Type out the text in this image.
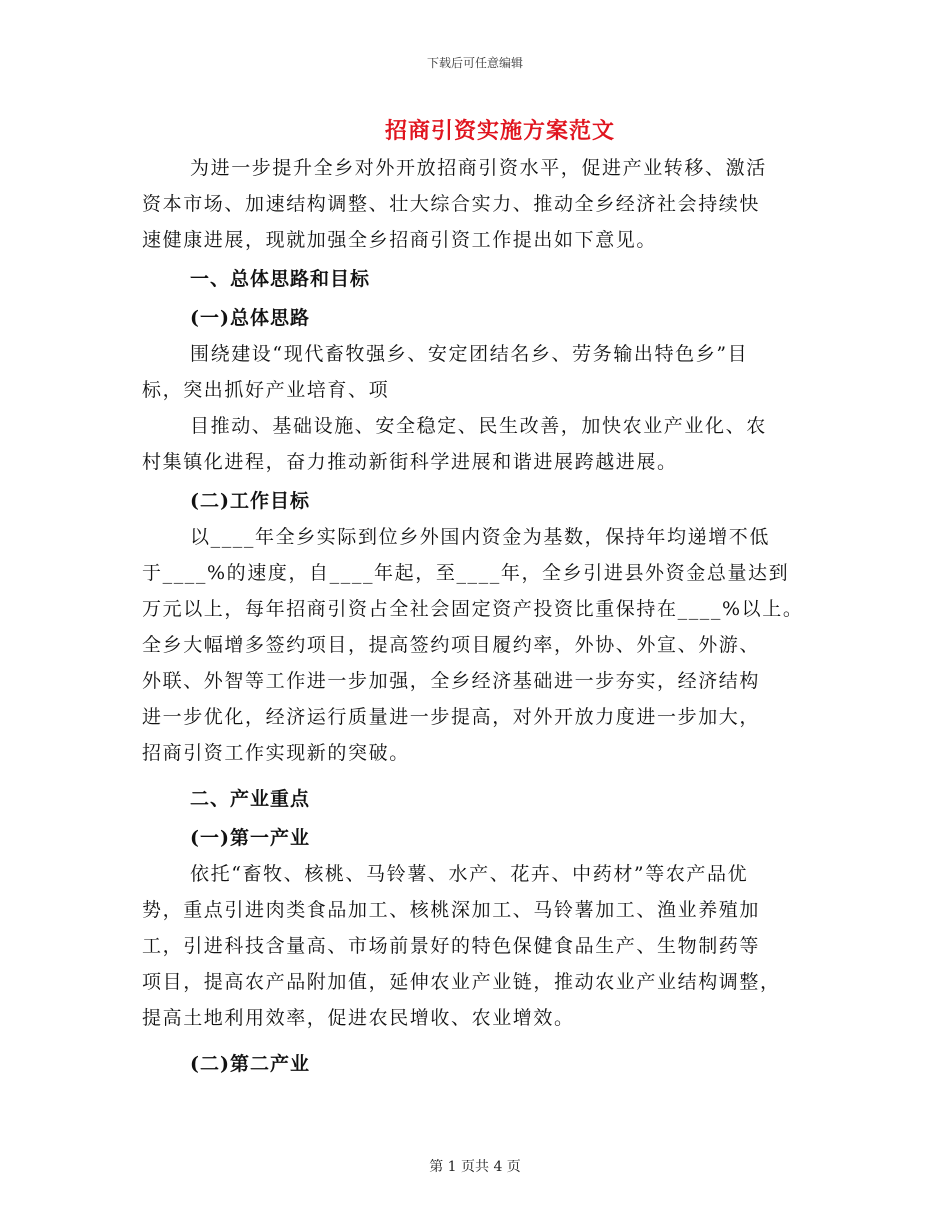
下载后可任意编辑
招商引资实施方案范文
为进一步提升全乡对外开放招商引资水平，促进产业转移、激活
资本市场、加速结构调整、壮大综合实力、推动全乡经济社会持续快
速健康进展，现就加强全乡招商引资工作提出如下意见。
一、总体思路和目标
(一)总体思路
围绕建设“现代畜牧强乡、安定团结名乡、劳务输出特色乡”目
标，突出抓好产业培育、项
目推动、基础设施、安全稳定、民生改善，加快农业产业化、农
村集镇化进程，奋力推动新街科学进展和谐进展跨越进展。
(二)工作目标
以____年全乡实际到位乡外国内资金为基数，保持年均递增不低
于____%的速度，自____年起，至____年，全乡引进县外资金总量达到
万元以上，每年招商引资占全社会固定资产投资比重保持在____%以上。
全乡大幅增多签约项目，提高签约项目履约率，外协、外宣、外游、
外联、外智等工作进一步加强，全乡经济基础进一步夯实，经济结构
进一步优化，经济运行质量进一步提高，对外开放力度进一步加大，
招商引资工作实现新的突破。
二、产业重点
(一)第一产业
依托“畜牧、核桃、马铃薯、水产、花卉、中药材”等农产品优
势，重点引进肉类食品加工、核桃深加工、马铃薯加工、渔业养殖加
工，引进科技含量高、市场前景好的特色保健食品生产、生物制药等
项目，提高农产品附加值，延伸农业产业链，推动农业产业结构调整，
提高土地利用效率，促进农民增收、农业增效。
(二)第二产业
第 1 页共 4 页
